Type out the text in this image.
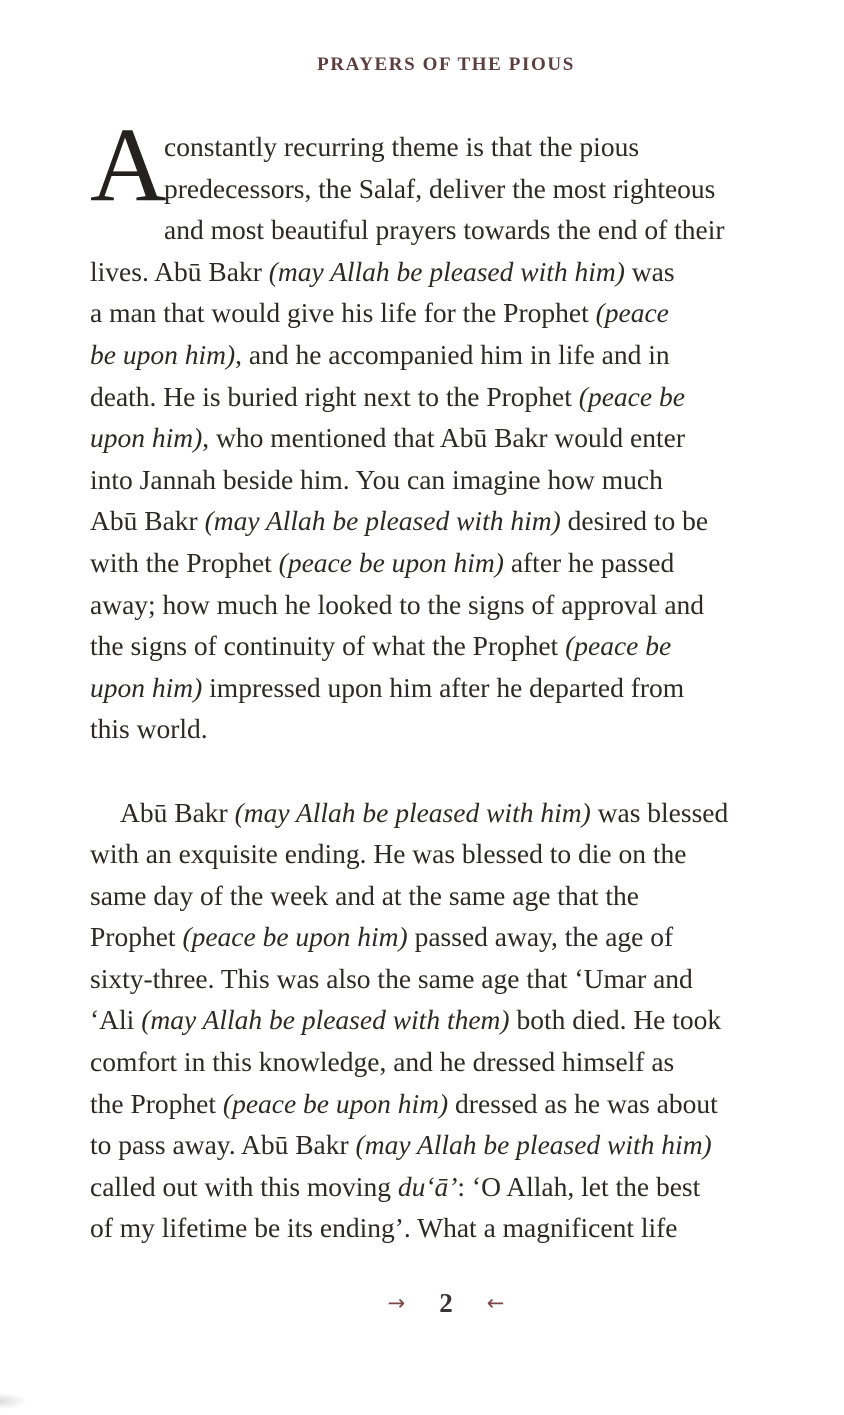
PRAYERS OF THE PIOUS
A
constantly recurring theme is that the pious
predecessors, the Salaf, deliver the most righteous
and most beautiful prayers towards the end of their
lives. Abū Bakr (may Allah be pleased with him) was
a man that would give his life for the Prophet (peace
be upon him), and he accompanied him in life and in
death. He is buried right next to the Prophet (peace be
upon him), who mentioned that Abū Bakr would enter
into Jannah beside him. You can imagine how much
Abū Bakr (may Allah be pleased with him) desired to be
with the Prophet (peace be upon him) after he passed
away; how much he looked to the signs of approval and
the signs of continuity of what the Prophet (peace be
upon him) impressed upon him after he departed from
this world.
Abū Bakr (may Allah be pleased with him) was blessed
with an exquisite ending. He was blessed to die on the
same day of the week and at the same age that the
Prophet (peace be upon him) passed away, the age of
sixty-three. This was also the same age that ‘Umar and
‘Ali (may Allah be pleased with them) both died. He took
comfort in this knowledge, and he dressed himself as
the Prophet (peace be upon him) dressed as he was about
to pass away. Abū Bakr (may Allah be pleased with him)
called out with this moving du‘ā’: ‘O Allah, let the best
of my lifetime be its ending’. What a magnificent life
→ 2 ←
